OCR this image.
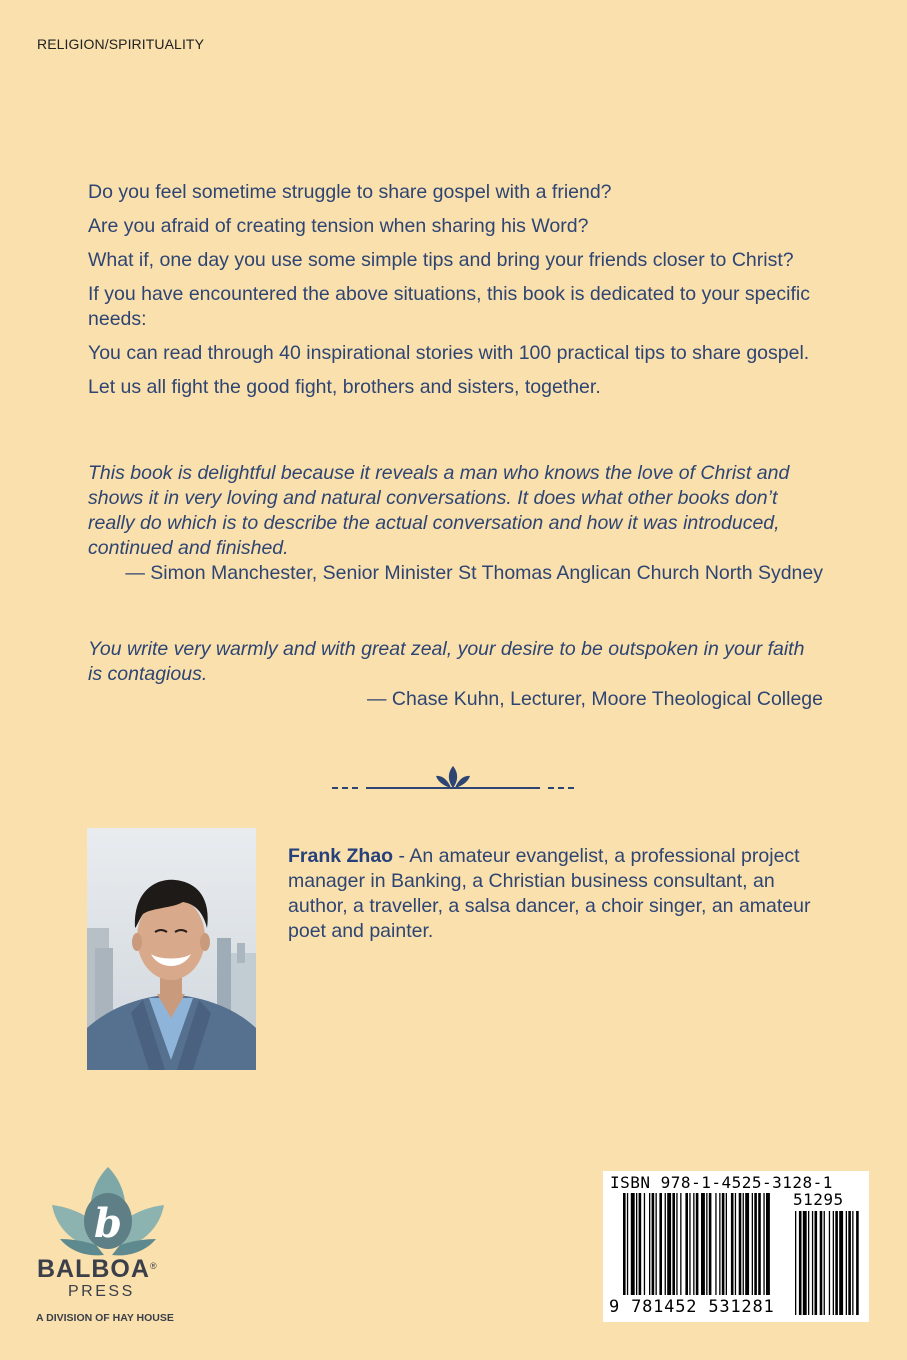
RELIGION/SPIRITUALITY

Do you feel sometime struggle to share gospel with a friend?

Are you afraid of creating tension when sharing his Word?

What if, one day you use some simple tips and bring your friends closer to Christ?

If you have encountered the above situations, this book is dedicated to your specific needs:

You can read through 40 inspirational stories with 100 practical tips to share gospel.

Let us all fight the good fight, brothers and sisters, together.

This book is delightful because it reveals a man who knows the love of Christ and shows it in very loving and natural conversations. It does what other books don’t really do which is to describe the actual conversation and how it was introduced, continued and finished.
— Simon Manchester, Senior Minister St Thomas Anglican Church North Sydney
You write very warmly and with great zeal, your desire to be outspoken in your faith is contagious.
— Chase Kuhn, Lecturer, Moore Theological College
Frank Zhao - An amateur evangelist, a professional project manager in Banking, a Christian business consultant, an author, a traveller, a salsa dancer, a choir singer, an amateur poet and painter.
b
BALBOA®
PRESS
A DIVISION OF HAY HOUSE
ISBN 978-1-4525-3128-1
51295
9 781452 531281
